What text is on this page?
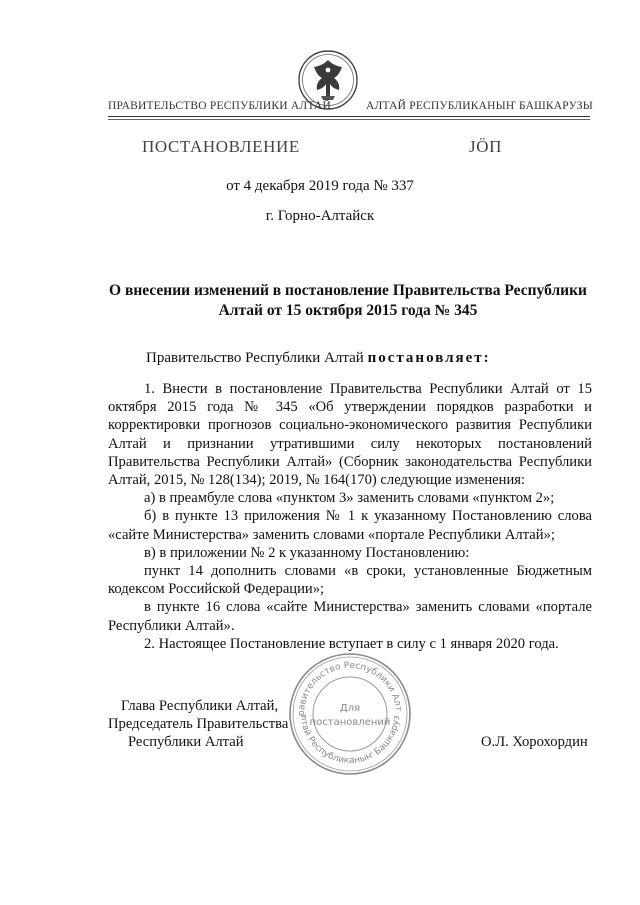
ПРАВИТЕЛЬСТВО РЕСПУБЛИКИ АЛТАЙ	АЛТАЙ РЕСПУБЛИКАНЫҤ БАШКАРУЗЫ
ПОСТАНОВЛЕНИЕ	ЈӦП
от 4 декабря 2019 года № 337
г. Горно-Алтайск
О внесении изменений в постановление Правительства Республики Алтай от 15 октября 2015 года № 345
Правительство Республики Алтай постановляет:

1. Внести в постановление Правительства Республики Алтай от 15 октября 2015 года № 345 «Об утверждении порядков разработки и корректировки прогнозов социально-экономического развития Республики Алтай и признании утратившими силу некоторых постановлений Правительства Республики Алтай» (Сборник законодательства Республики Алтай, 2015, № 128(134); 2019, № 164(170) следующие изменения:

а) в преамбуле слова «пунктом 3» заменить словами «пунктом 2»;

б) в пункте 13 приложения № 1 к указанному Постановлению слова «сайте Министерства» заменить словами «портале Республики Алтай»;

в) в приложении № 2 к указанному Постановлению:

пункт 14 дополнить словами «в сроки, установленные Бюджетным кодексом Российской Федерации»;

в пункте 16 слова «сайте Министерства» заменить словами «портале Республики Алтай».

2. Настоящее Постановление вступает в силу с 1 января 2020 года.

равительство Республики Алт
лтай Республиканыҥ Башкаруз
Для
постановлений
Глава Республики Алтай,
Председатель Правительства
Республики Алтай	О.Л. Хорохордин
